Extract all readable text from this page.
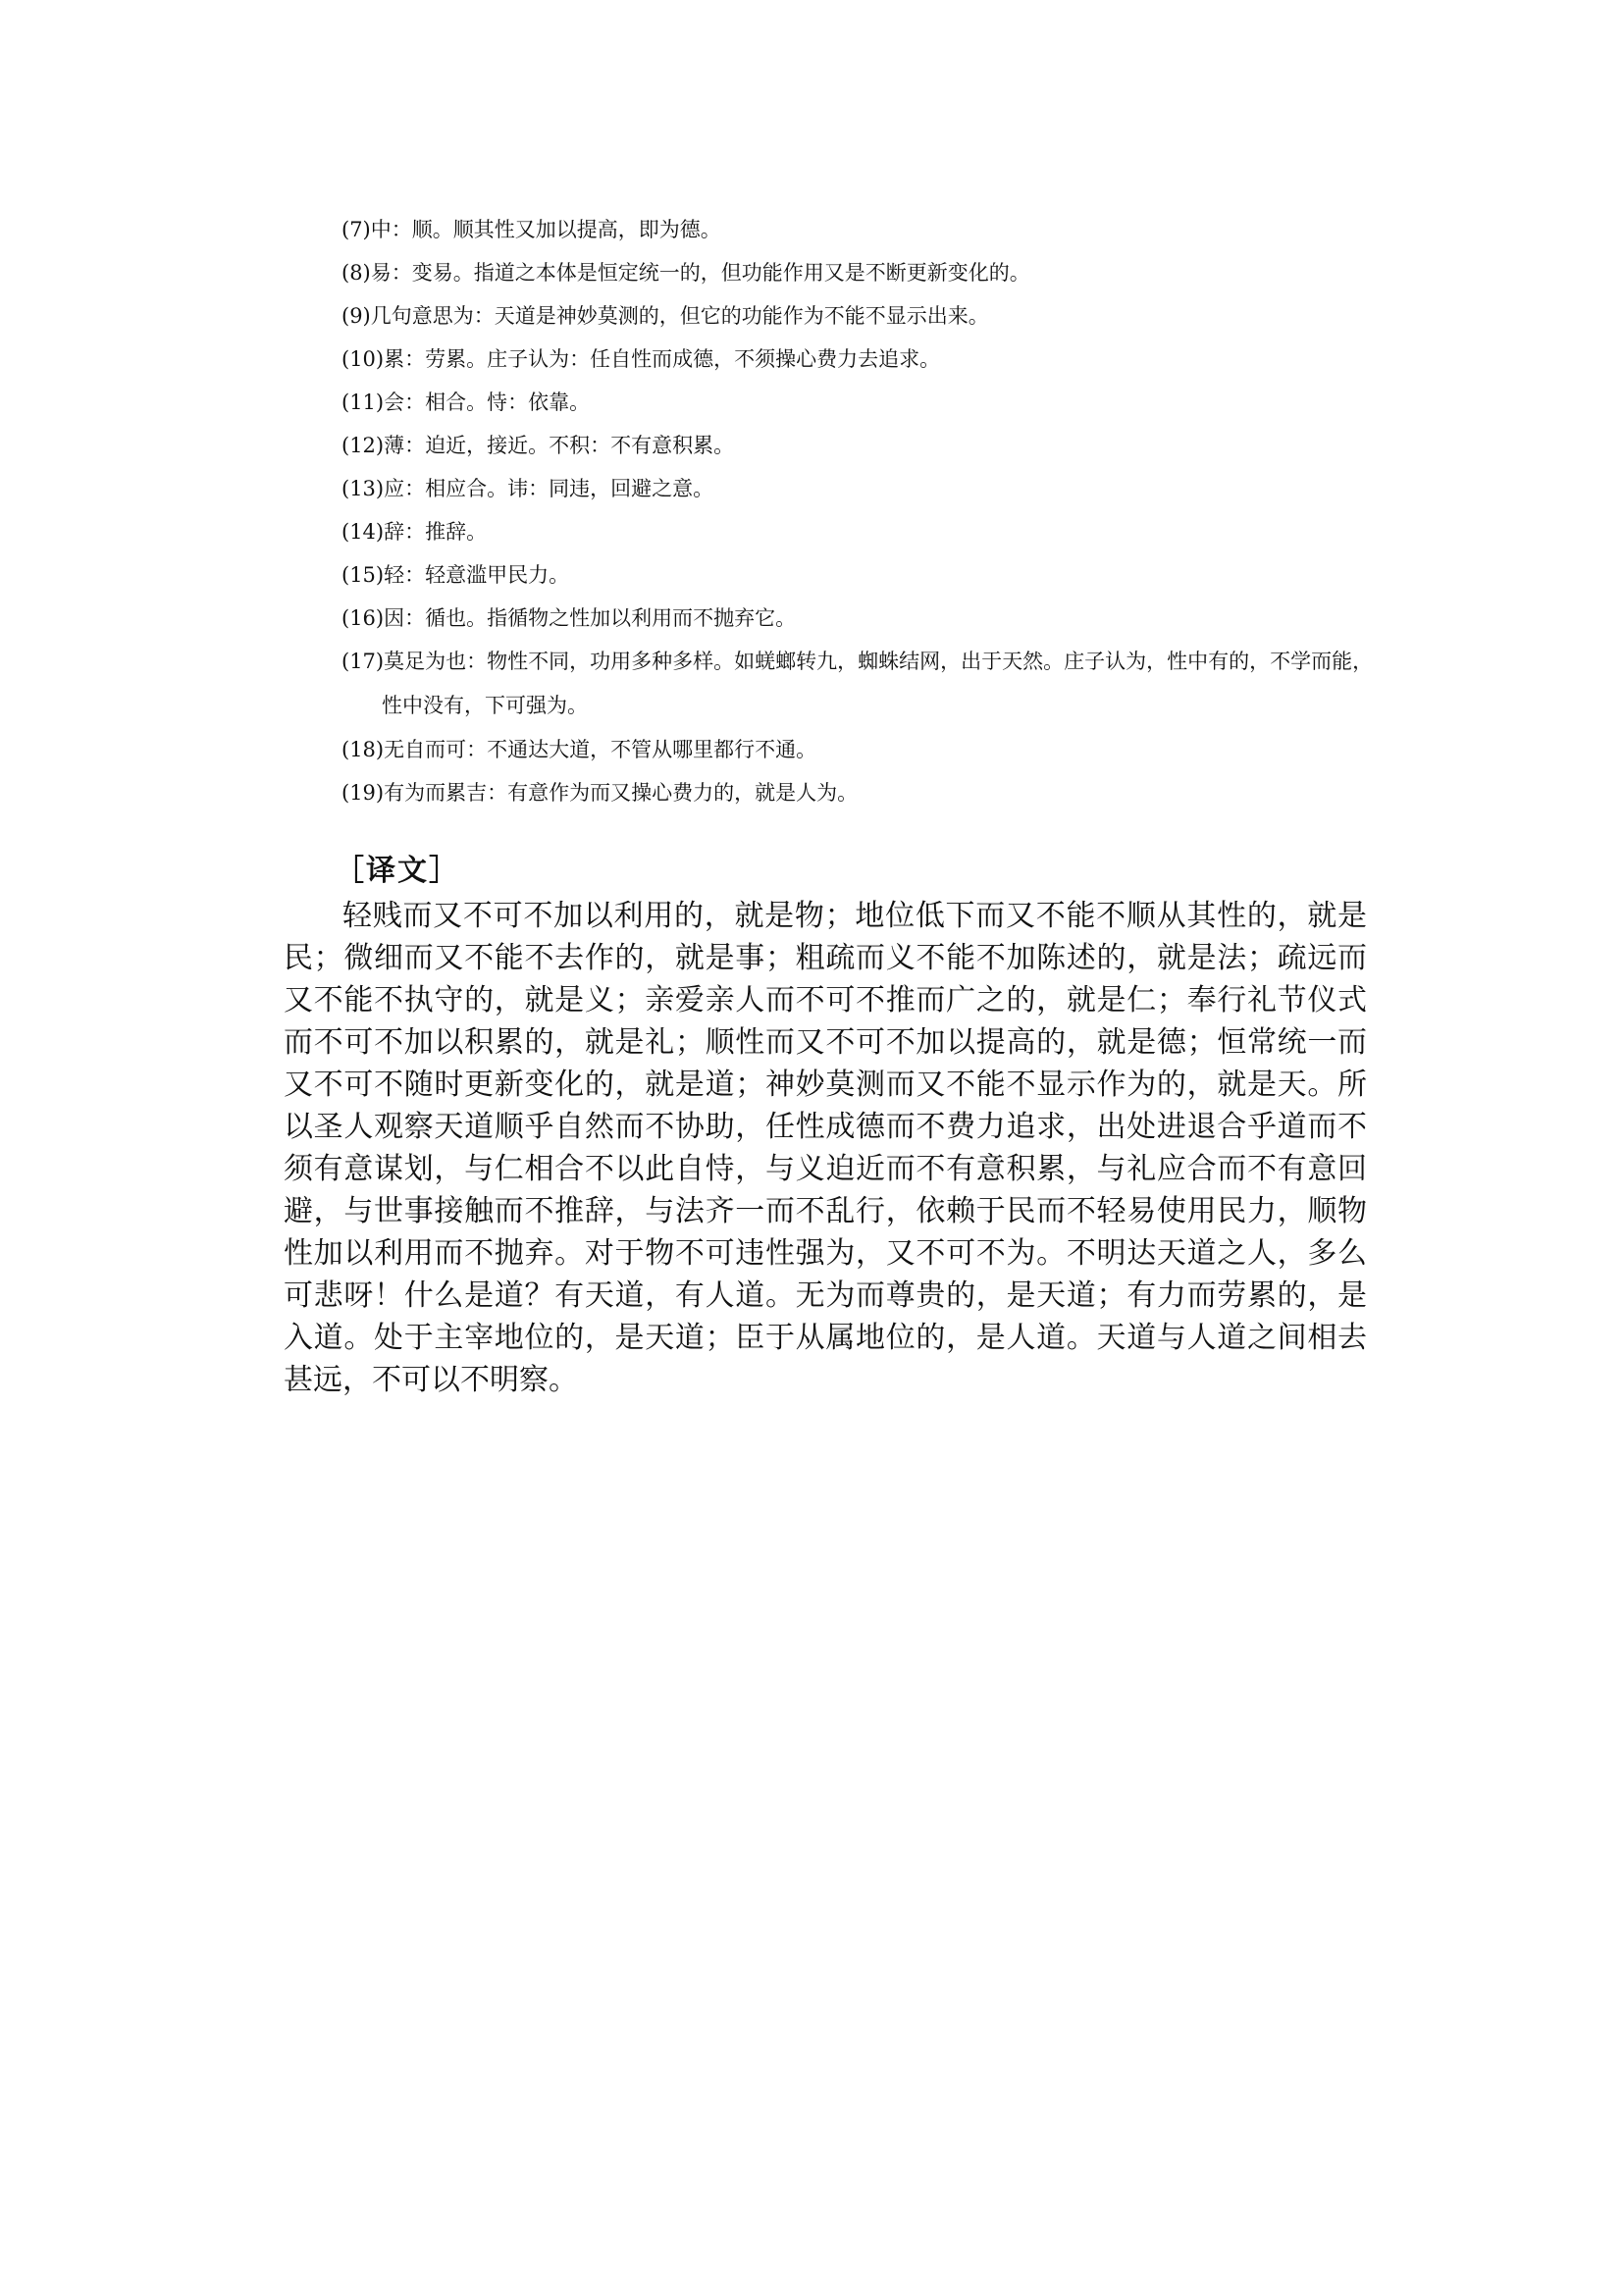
(7)中：顺。顺其性又加以提高，即为德。
(8)易：变易。指道之本体是恒定统一的，但功能作用又是不断更新变化的。
(9)几句意思为：天道是神妙莫测的，但它的功能作为不能不显示出来。
(10)累：劳累。庄子认为：任自性而成德，不须操心费力去追求。
(11)会：相合。恃：依靠。
(12)薄：迫近，接近。不积：不有意积累。
(13)应：相应合。讳：同违，回避之意。
(14)辞：推辞。
(15)轻：轻意滥甲民力。
(16)因：循也。指循物之性加以利用而不抛弃它。
(17)莫足为也：物性不同，功用多种多样。如蜣螂转九，蜘蛛结网，出于天然。庄子认为，性中有的，不学而能，性中没有，下可强为。
(18)无自而可：不通达大道，不管从哪里都行不通。
(19)有为而累吉：有意作为而又操心费力的，就是人为。
［译文］

轻贱而又不可不加以利用的，就是物；地位低下而又不能不顺从其性的，就是民；微细而又不能不去作的，就是事；粗疏而义不能不加陈述的，就是法；疏远而又不能不执守的，就是义；亲爱亲人而不可不推而广之的，就是仁；奉行礼节仪式而不可不加以积累的，就是礼；顺性而又不可不加以提高的，就是德；恒常统一而又不可不随时更新变化的，就是道；神妙莫测而又不能不显示作为的，就是天。所以圣人观察天道顺乎自然而不协助，任性成德而不费力追求，出处进退合乎道而不须有意谋划，与仁相合不以此自恃，与义迫近而不有意积累，与礼应合而不有意回避，与世事接触而不推辞，与法齐一而不乱行，依赖于民而不轻易使用民力，顺物性加以利用而不抛弃。对于物不可违性强为，又不可不为。不明达天道之人，多么可悲呀！什么是道？有天道，有人道。无为而尊贵的，是天道；有力而劳累的，是入道。处于主宰地位的，是天道；臣于从属地位的，是人道。天道与人道之间相去甚远，不可以不明察。
